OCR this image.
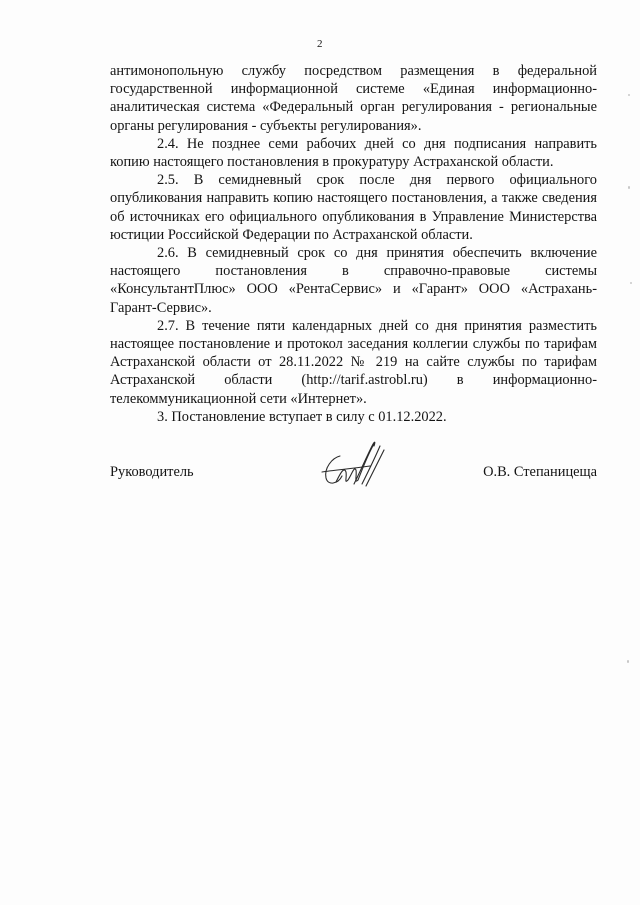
2

антимонопольную службу посредством размещения в федеральной государственной информационной системе «Единая информационно-аналитическая система «Федеральный орган регулирования - региональные органы регулирования - субъекты регулирования».

2.4. Не позднее семи рабочих дней со дня подписания направить копию настоящего постановления в прокуратуру Астраханской области.

2.5. В семидневный срок после дня первого официального опубликования направить копию настоящего постановления, а также сведения об источниках его официального опубликования в Управление Министерства юстиции Российской Федерации по Астраханской области.

2.6. В семидневный срок со дня принятия обеспечить включение настоящего постановления в справочно-правовые системы «КонсультантПлюс» ООО «РентаСервис» и «Гарант» ООО «Астрахань-Гарант-Сервис».

2.7. В течение пяти календарных дней со дня принятия разместить настоящее постановление и протокол заседания коллегии службы по тарифам Астраханской области от 28.11.2022 № 219 на сайте службы по тарифам Астраханской области (http://tarif.astrobl.ru) в информационно-телекоммуникационной сети «Интернет».

3. Постановление вступает в силу с 01.12.2022.

Руководитель	О.В. Степаницеща
